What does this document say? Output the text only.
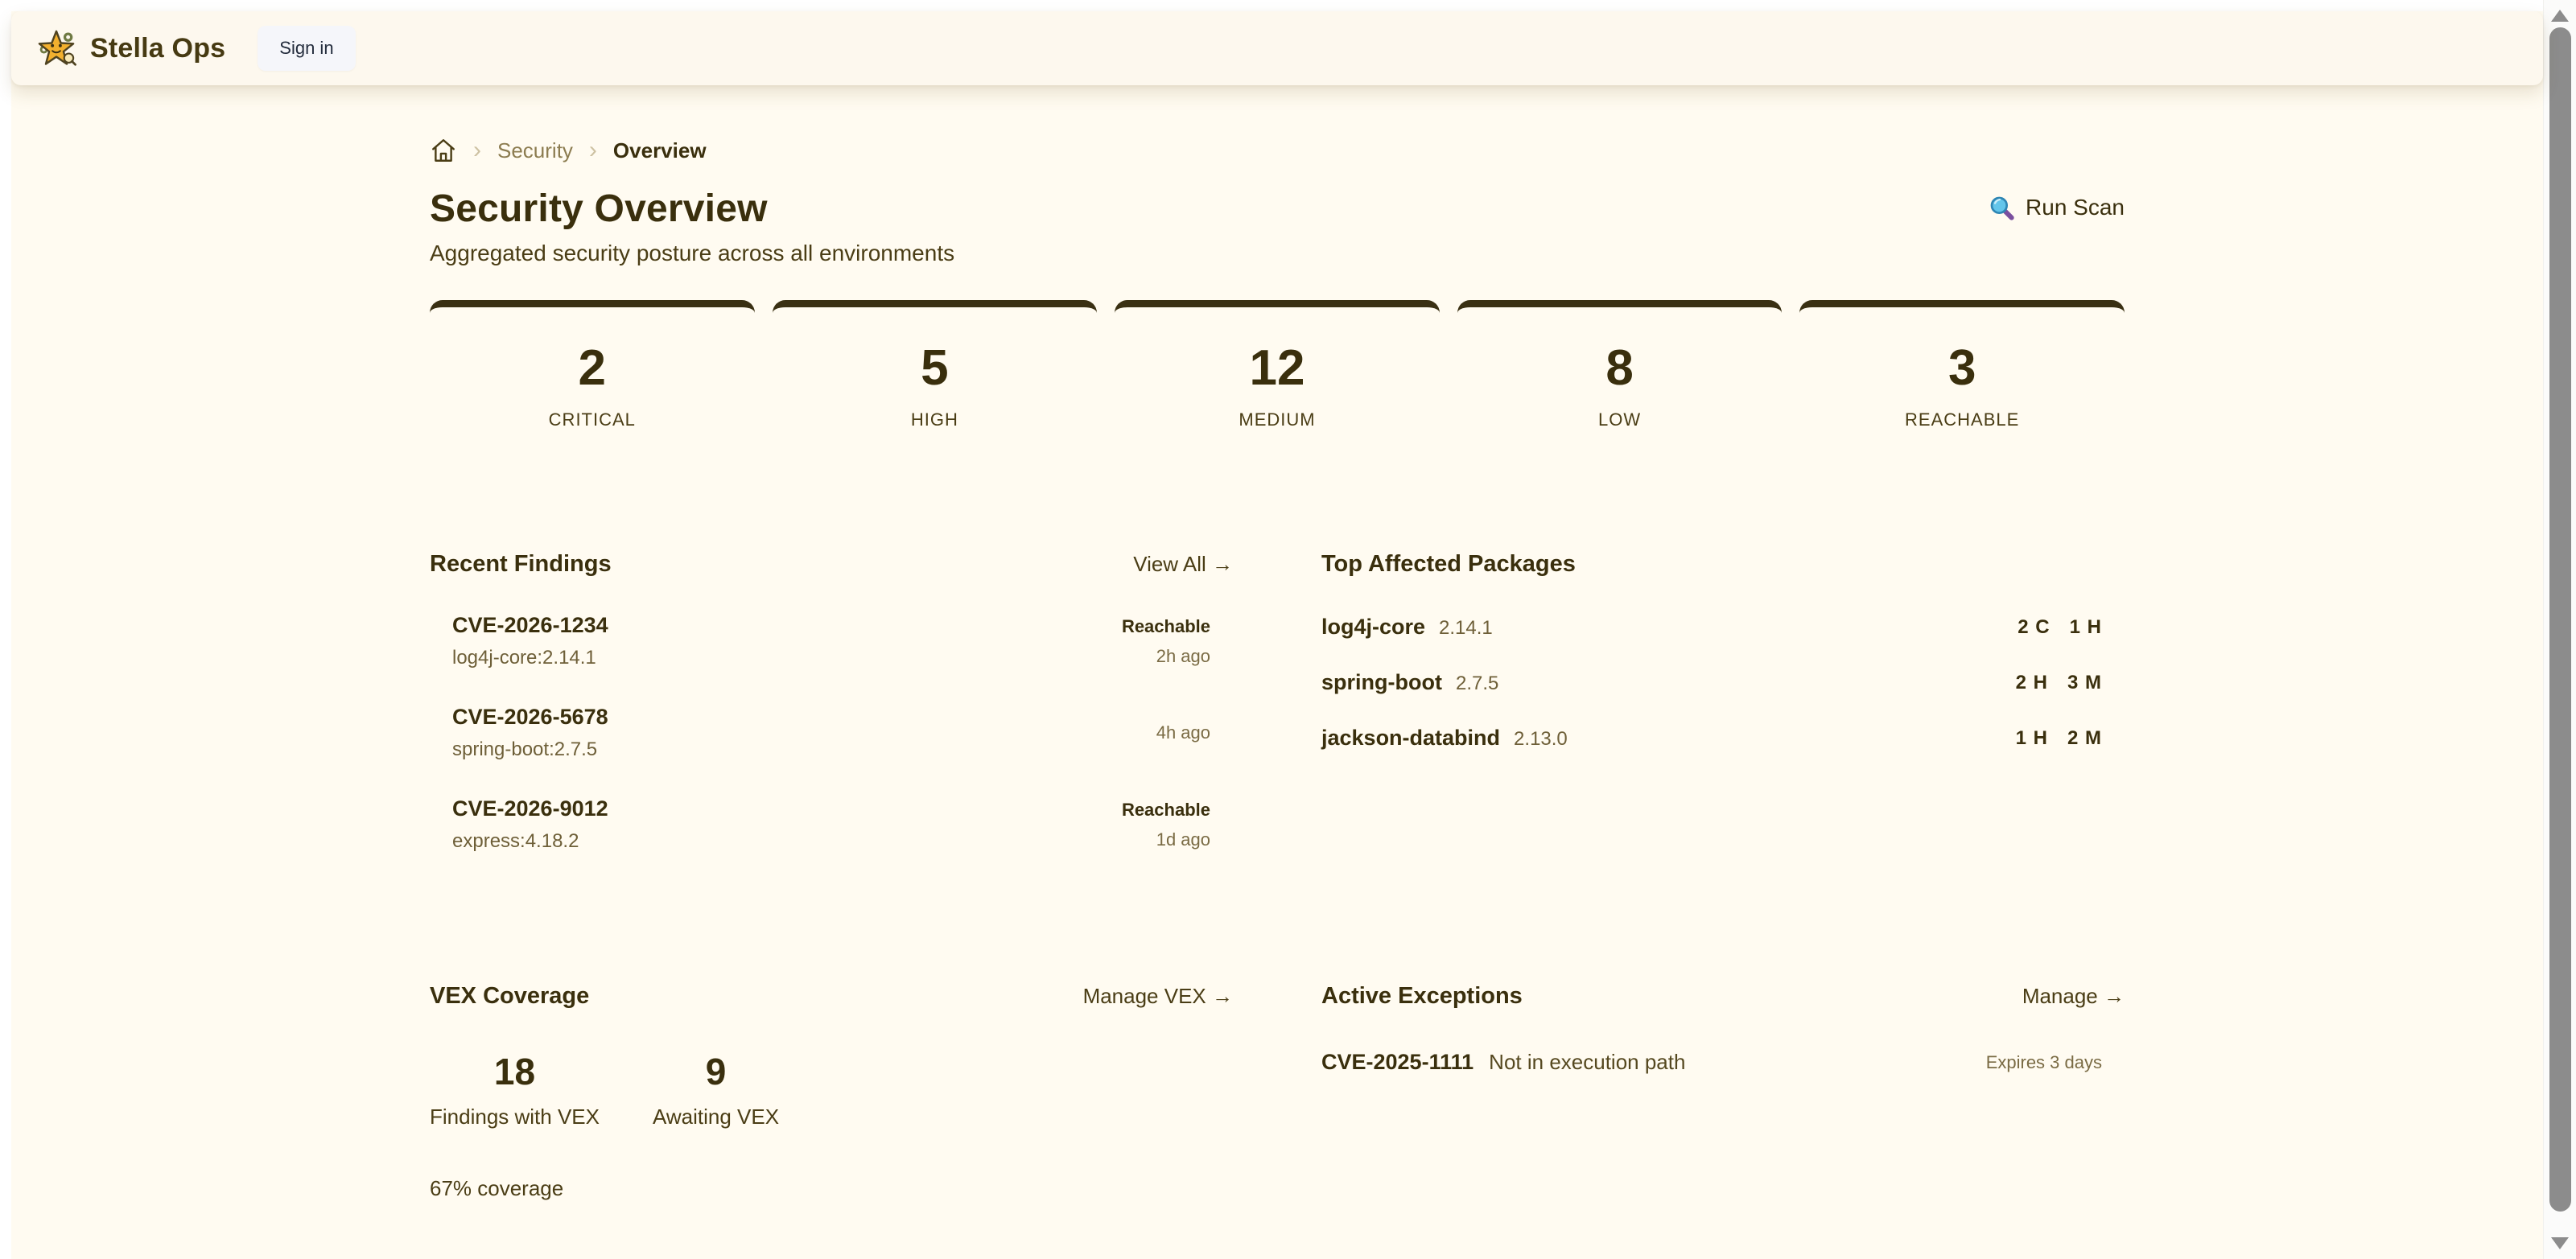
Stella Ops	Sign in
› Security › Overview
Security Overview
Aggregated security posture across all environments
Run Scan
2
CRITICAL
5
HIGH
12
MEDIUM
8
LOW
3
REACHABLE
Recent Findings	View All →
CVE-2026-1234
log4j-core:2.14.1
Reachable
2h ago
CVE-2026-5678
spring-boot:2.7.5
4h ago
CVE-2026-9012
express:4.18.2
Reachable
1d ago
Top Affected Packages
log4j-core 2.14.1	2 C 1 H
spring-boot 2.7.5	2 H 3 M
jackson-databind 2.13.0	1 H 2 M
VEX Coverage	Manage VEX →
18
Findings with VEX
9
Awaiting VEX
67% coverage
Active Exceptions	Manage →
CVE-2025-1111 Not in execution path	Expires 3 days
